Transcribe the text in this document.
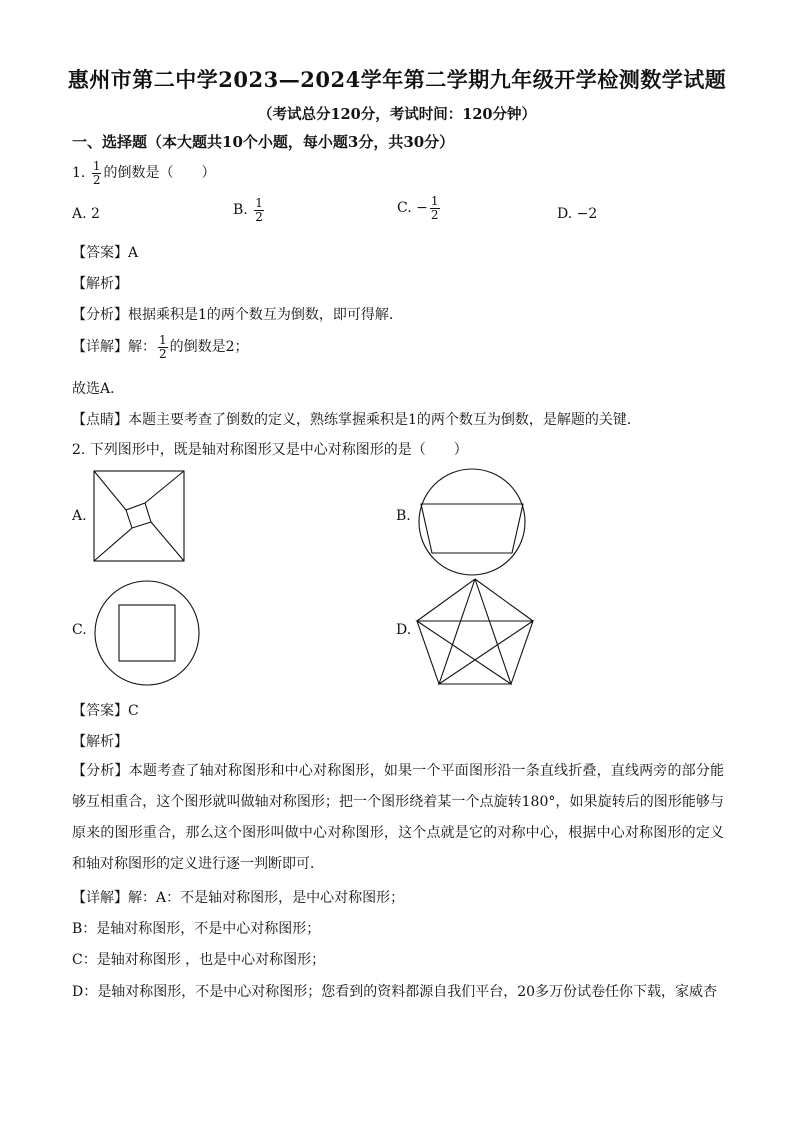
惠州市第二中学2023—2024学年第二学期九年级开学检测数学试题
（考试总分120分，考试时间：120分钟）
一、选择题（本大题共10个小题，每小题3分，共30分）
1. $\frac{1}{2}$ 的倒数是（　　）
A. 2	B. $\frac{1}{2}$	C. − $\frac{1}{2}$	D. −2
【答案】A
【解析】
【分析】根据乘积是1的两个数互为倒数，即可得解．
【详解】解： $\frac{1}{2}$ 的倒数是2；
故选A．
【点睛】本题主要考查了倒数的定义，熟练掌握乘积是1的两个数互为倒数，是解题的关键．
2. 下列图形中，既是轴对称图形又是中心对称图形的是（　　）
A.	B.
C.	D.
【答案】C
【解析】
【分析】本题考查了轴对称图形和中心对称图形，如果一个平面图形沿一条直线折叠，直线两旁的部分能够互相重合，这个图形就叫做轴对称图形；把一个图形绕着某一个点旋转180°，如果旋转后的图形能够与原来的图形重合，那么这个图形叫做中心对称图形，这个点就是它的对称中心，根据中心对称图形的定义和轴对称图形的定义进行逐一判断即可．
【详解】解：A：不是轴对称图形，是中心对称图形；
B：是轴对称图形，不是中心对称图形；
C：是轴对称图形 ，也是中心对称图形；
D：是轴对称图形，不是中心对称图形；您看到的资料都源自我们平台，20多万份试卷任你下载，家威杏
